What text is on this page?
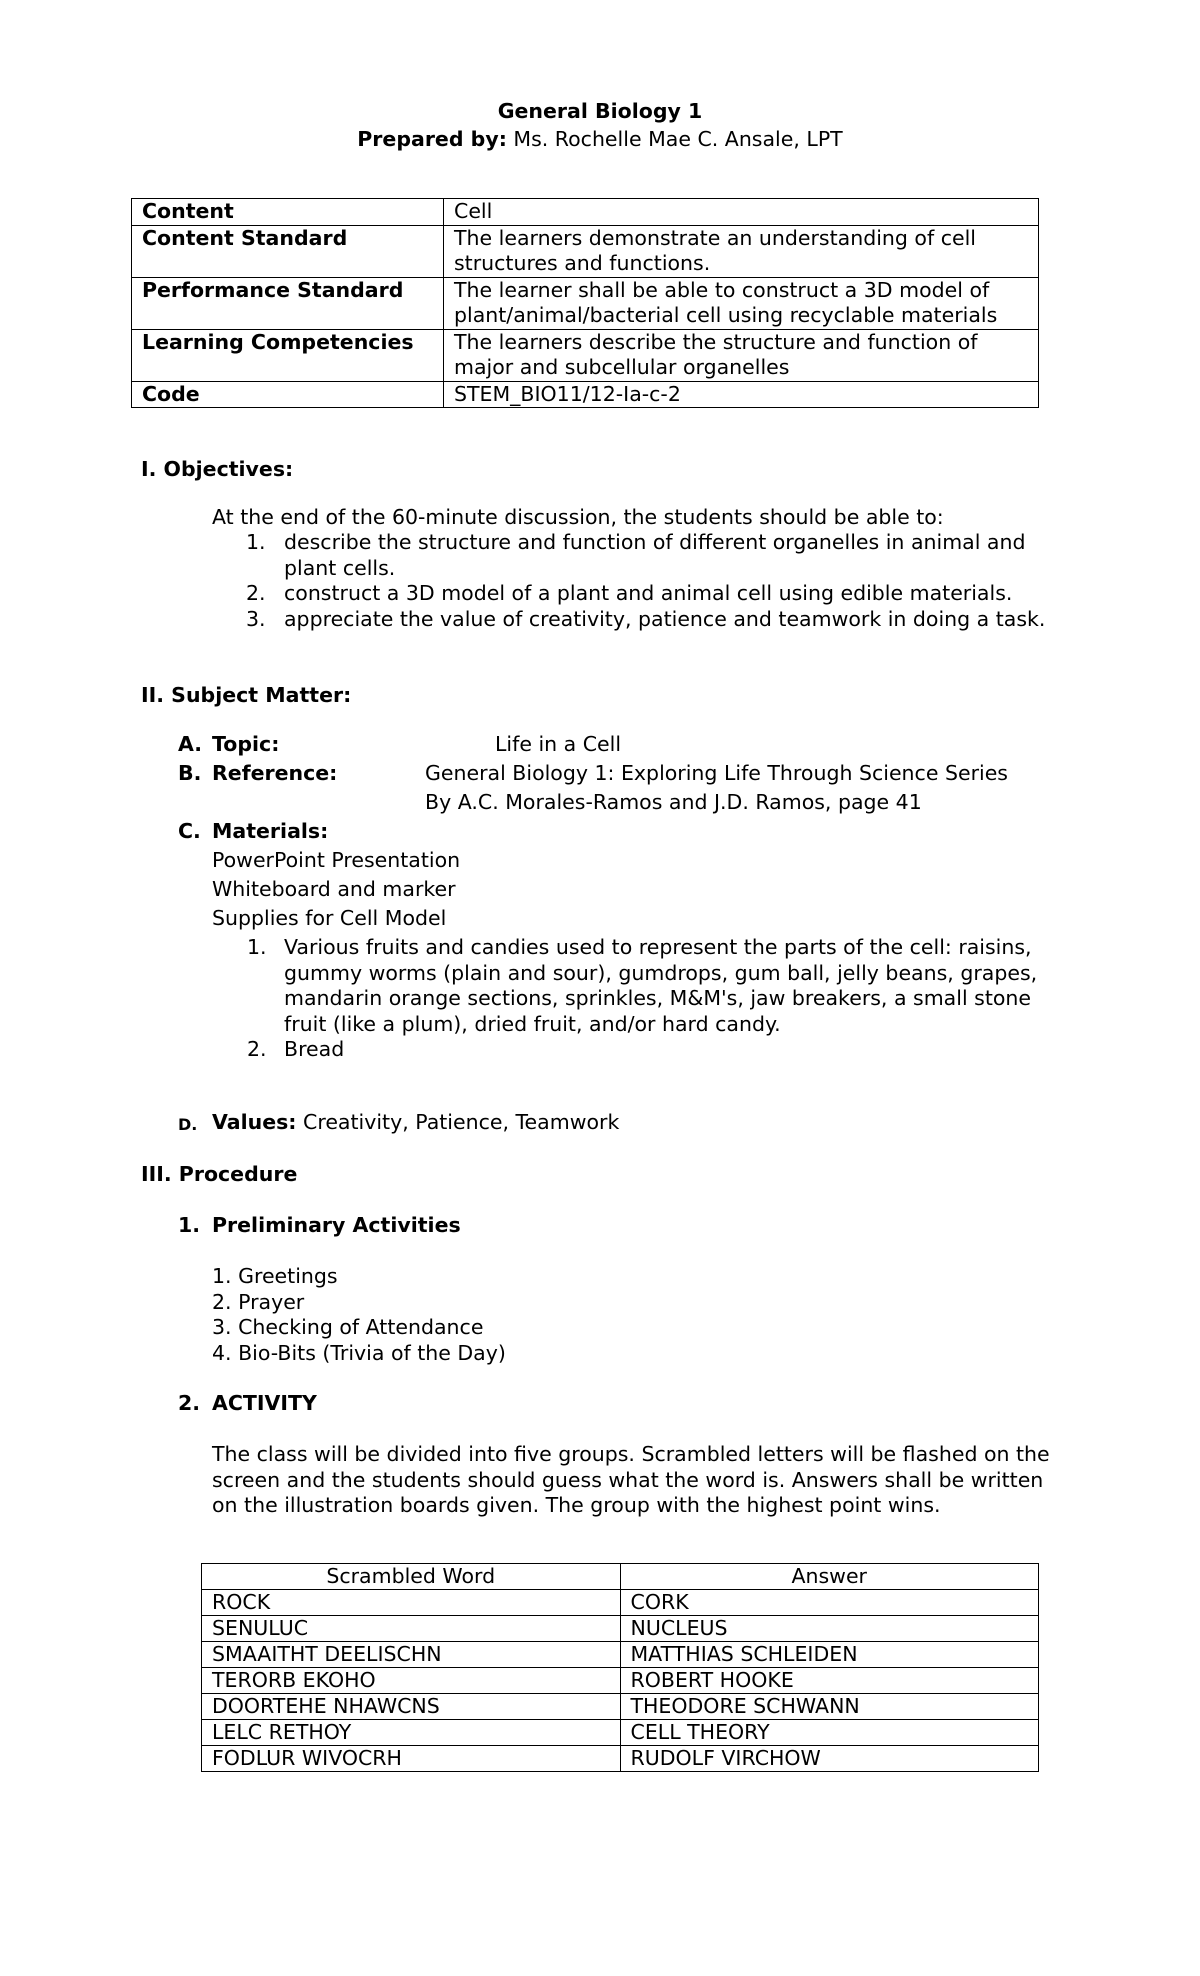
General Biology 1
Prepared by: Ms. Rochelle Mae C. Ansale, LPT
Content	Cell
Content Standard	The learners demonstrate an understanding of cell structures and functions.
Performance Standard	The learner shall be able to construct a 3D model of plant/animal/bacterial cell using recyclable materials
Learning Competencies	The learners describe the structure and function of major and subcellular organelles
Code	STEM_BIO11/12-Ia-c-2
I. Objectives:
At the end of the 60-minute discussion, the students should be able to:
1. describe the structure and function of different organelles in animal and plant cells.
2. construct a 3D model of a plant and animal cell using edible materials.
3. appreciate the value of creativity, patience and teamwork in doing a task.
II. Subject Matter:
A. Topic:	Life in a Cell
B. Reference:	General Biology 1: Exploring Life Through Science Series
By A.C. Morales-Ramos and J.D. Ramos, page 41
C. Materials:
PowerPoint Presentation
Whiteboard and marker
Supplies for Cell Model
1. Various fruits and candies used to represent the parts of the cell: raisins, gummy worms (plain and sour), gumdrops, gum ball, jelly beans, grapes, mandarin orange sections, sprinkles, M&M's, jaw breakers, a small stone fruit (like a plum), dried fruit, and/or hard candy.
2. Bread
D. Values: Creativity, Patience, Teamwork
III. Procedure
1. Preliminary Activities
1. Greetings
2. Prayer
3. Checking of Attendance
4. Bio-Bits (Trivia of the Day)
2. ACTIVITY
The class will be divided into five groups. Scrambled letters will be flashed on the screen and the students should guess what the word is. Answers shall be written on the illustration boards given. The group with the highest point wins.
Scrambled Word	Answer
ROCK	CORK
SENULUC	NUCLEUS
SMAAITHT DEELISCHN	MATTHIAS SCHLEIDEN
TERORB EKOHO	ROBERT HOOKE
DOORTEHE NHAWCNS	THEODORE SCHWANN
LELC RETHOY	CELL THEORY
FODLUR WIVOCRH	RUDOLF VIRCHOW
